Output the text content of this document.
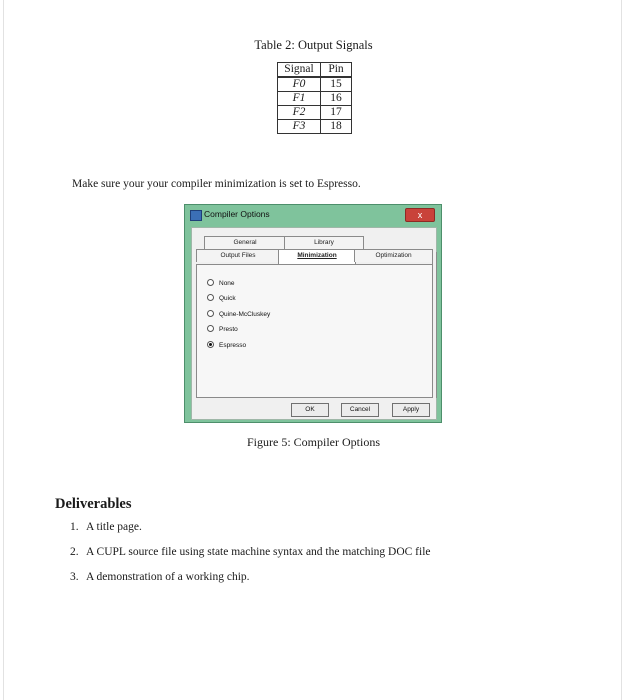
Table 2: Output Signals
Signal	Pin
F0	15
F1	16
F2	17
F3	18
Make sure your your compiler minimization is set to Espresso.
Compiler Options	x
General	Library
Output Files	Minimization	Optimization
None
Quick
Quine-McCluskey
Presto
Espresso
OK	Cancel	Apply
Figure 5: Compiler Options
Deliverables
1. A title page.
2. A CUPL source file using state machine syntax and the matching DOC file
3. A demonstration of a working chip.
